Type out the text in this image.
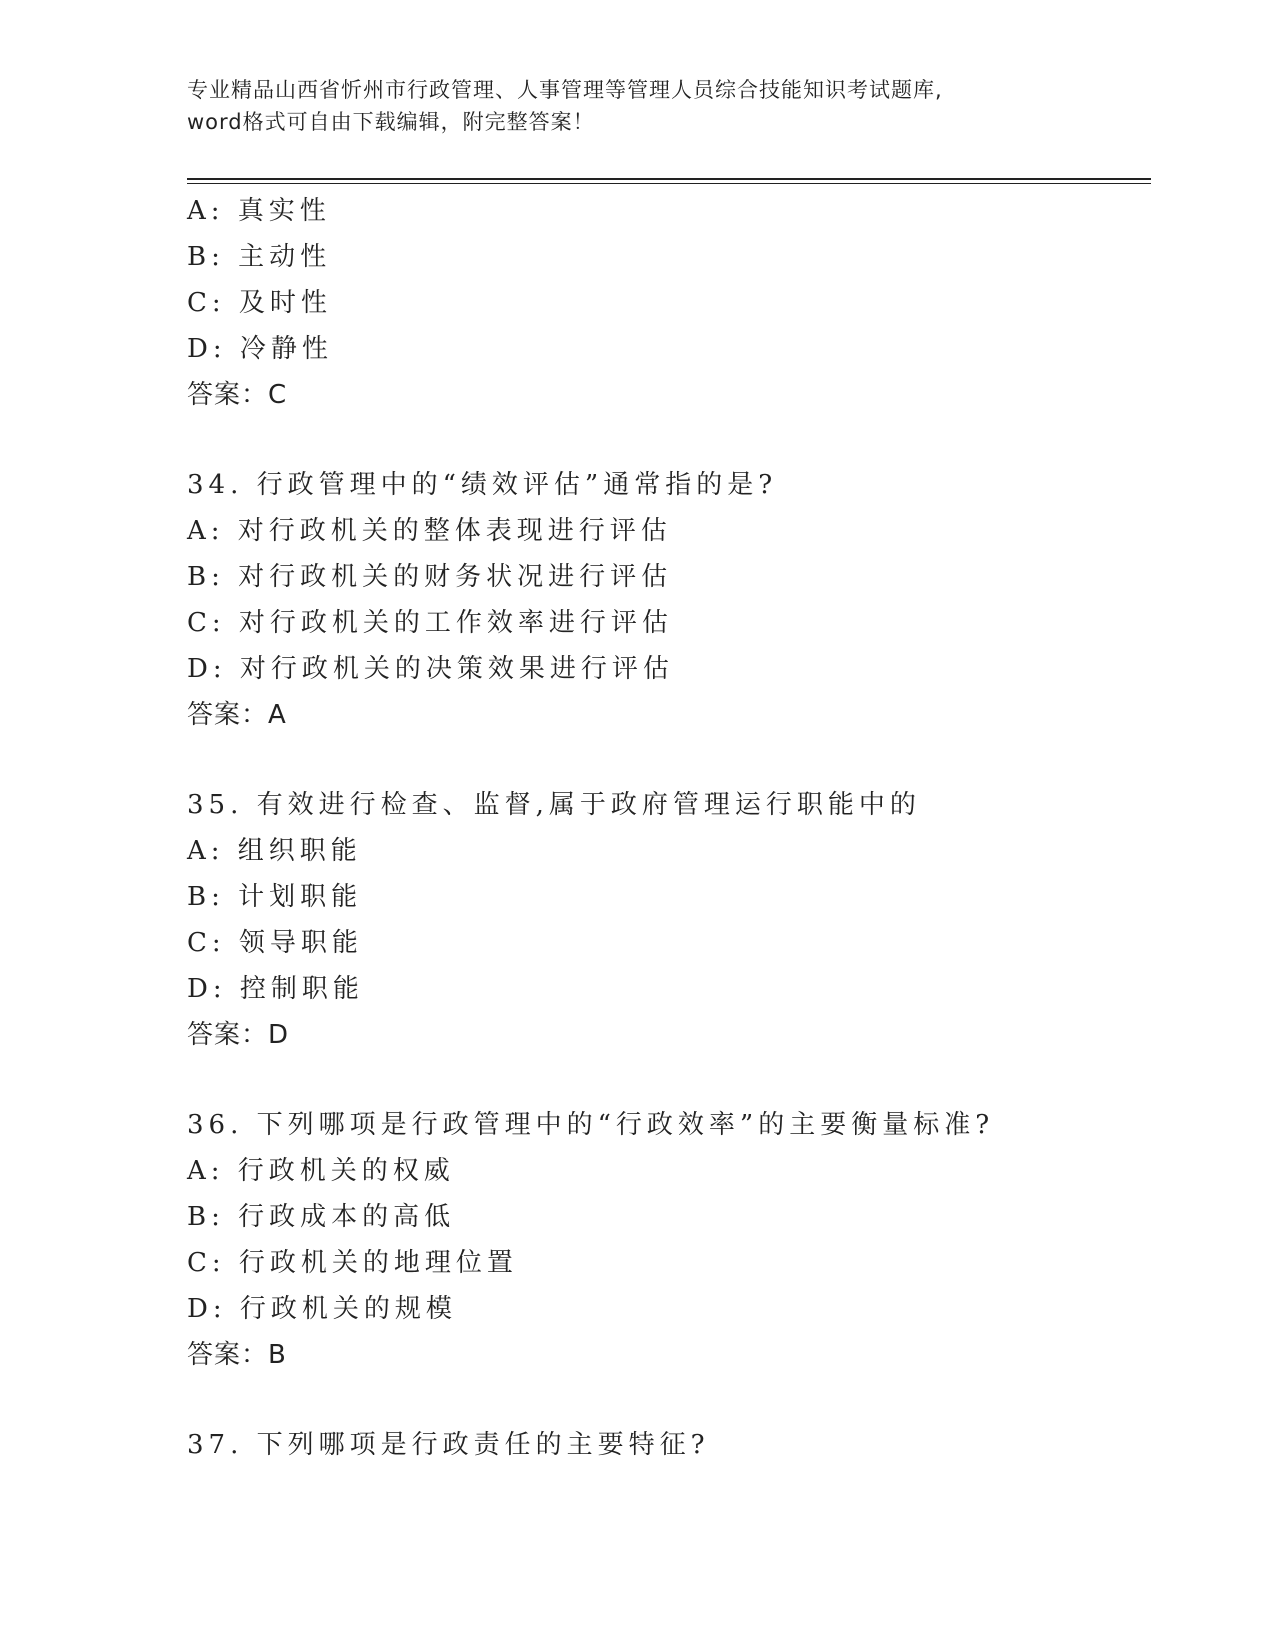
专业精品山西省忻州市行政管理、人事管理等管理人员综合技能知识考试题库,
word格式可自由下载编辑，附完整答案！
A: 真实性
B: 主动性
C: 及时性
D: 冷静性
答案：C
34. 行政管理中的“绩效评估”通常指的是?
A: 对行政机关的整体表现进行评估
B: 对行政机关的财务状况进行评估
C: 对行政机关的工作效率进行评估
D: 对行政机关的决策效果进行评估
答案：A
35. 有效进行检查、监督,属于政府管理运行职能中的
A: 组织职能
B: 计划职能
C: 领导职能
D: 控制职能
答案：D
36. 下列哪项是行政管理中的“行政效率”的主要衡量标准?
A: 行政机关的权威
B: 行政成本的高低
C: 行政机关的地理位置
D: 行政机关的规模
答案：B
37. 下列哪项是行政责任的主要特征?
